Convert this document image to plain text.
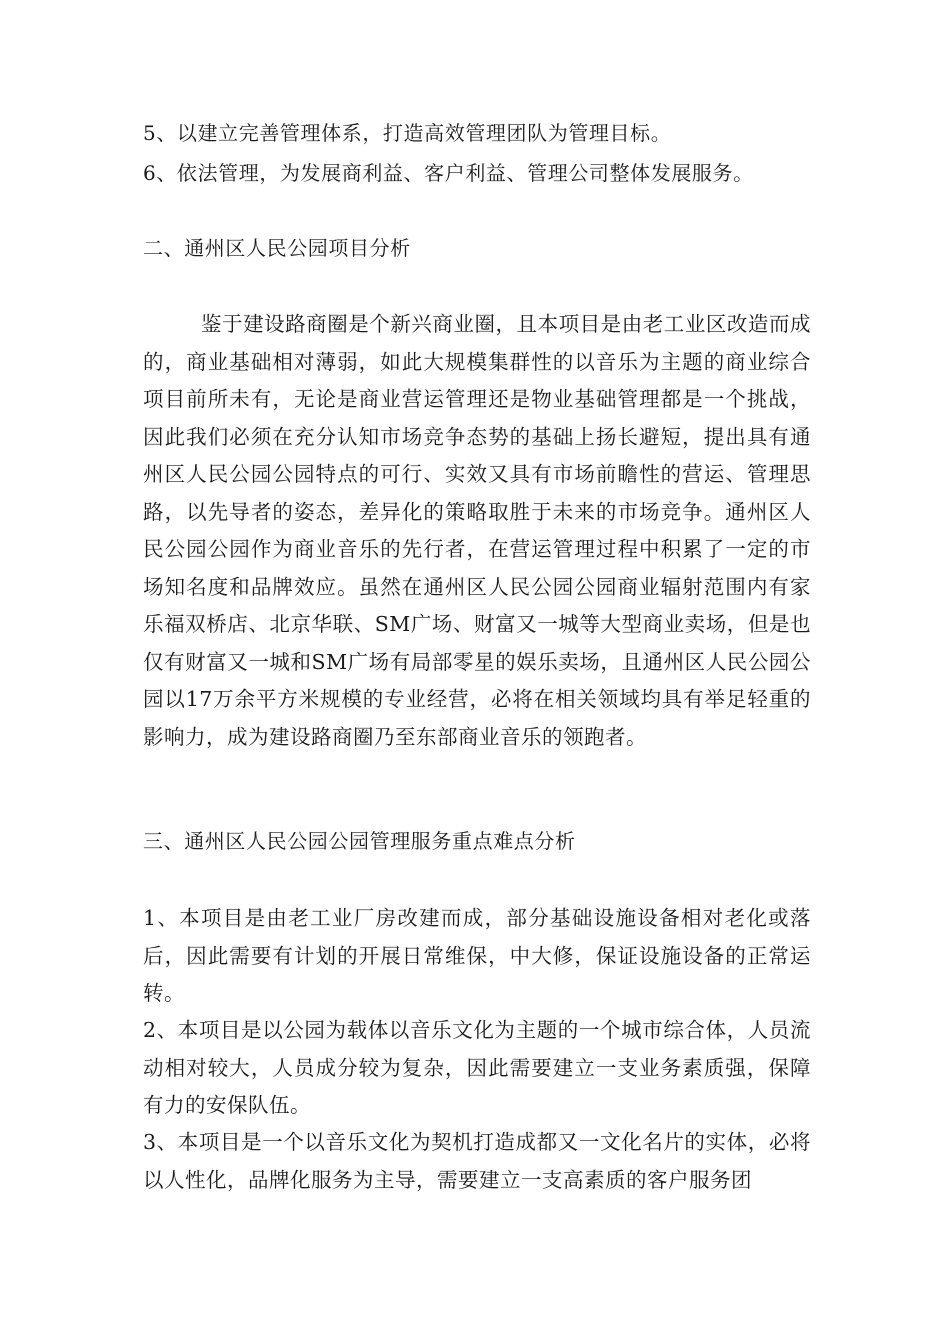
5、以建立完善管理体系，打造高效管理团队为管理目标。
6、依法管理，为发展商利益、客户利益、管理公司整体发展服务。
二、通州区人民公园项目分析
鉴于建设路商圈是个新兴商业圈，且本项目是由老工业区改造而成的，商业基础相对薄弱，如此大规模集群性的以音乐为主题的商业综合项目前所未有，无论是商业营运管理还是物业基础管理都是一个挑战，因此我们必须在充分认知市场竞争态势的基础上扬长避短，提出具有通州区人民公园公园特点的可行、实效又具有市场前瞻性的营运、管理思路，以先导者的姿态，差异化的策略取胜于未来的市场竞争。通州区人民公园公园作为商业音乐的先行者，在营运管理过程中积累了一定的市场知名度和品牌效应。虽然在通州区人民公园公园商业辐射范围内有家乐福双桥店、北京华联、SM广场、财富又一城等大型商业卖场，但是也仅有财富又一城和SM广场有局部零星的娱乐卖场，且通州区人民公园公园以17万余平方米规模的专业经营，必将在相关领域均具有举足轻重的影响力，成为建设路商圈乃至东部商业音乐的领跑者。
三、通州区人民公园公园管理服务重点难点分析
1、本项目是由老工业厂房改建而成，部分基础设施设备相对老化或落后，因此需要有计划的开展日常维保，中大修，保证设施设备的正常运转。
2、本项目是以公园为载体以音乐文化为主题的一个城市综合体，人员流动相对较大，人员成分较为复杂，因此需要建立一支业务素质强，保障有力的安保队伍。
3、本项目是一个以音乐文化为契机打造成都又一文化名片的实体，必将以人性化，品牌化服务为主导，需要建立一支高素质的客户服务团
